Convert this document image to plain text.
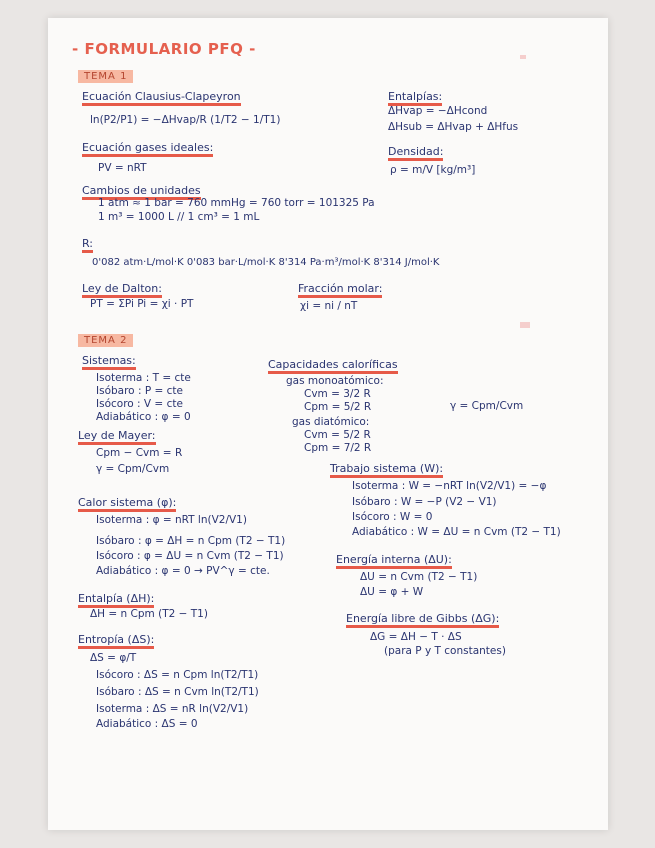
- FORMULARIO PFQ -
TEMA 1
Ecuación Clausius-Clapeyron
ln(P2/P1) = −ΔHvap/R (1/T2 − 1/T1)
Ecuación gases ideales:
PV = nRT
Cambios de unidades
1 atm ≈ 1 bar = 760 mmHg = 760 torr = 101325 Pa
1 m³ = 1000 L // 1 cm³ = 1 mL
R:
0'082 atm·L/mol·K 0'083 bar·L/mol·K 8'314 Pa·m³/mol·K 8'314 J/mol·K
Ley de Dalton:
PT = ΣPi Pi = χi · PT
Fracción molar:
χi = ni / nT
Entalpías:
ΔHvap = −ΔHcond
ΔHsub = ΔHvap + ΔHfus
Densidad:
ρ = m/V [kg/m³]
TEMA 2
Sistemas:
Isoterma : T = cte
Isóbaro : P = cte
Isócoro : V = cte
Adiabático : φ = 0
Capacidades caloríficas
gas monoatómico:
Cvm = 3/2 R
Cpm = 5/2 R
gas diatómico:
Cvm = 5/2 R
Cpm = 7/2 R
γ = Cpm/Cvm
Ley de Mayer:
Cpm − Cvm = R
γ = Cpm/Cvm	Trabajo sistema (W):
Isoterma : W = −nRT ln(V2/V1) = −φ
Isóbaro : W = −P (V2 − V1)
Isócoro : W = 0
Adiabático : W = ΔU = n Cvm (T2 − T1)
Calor sistema (φ):
Isoterma : φ = nRT ln(V2/V1)
Isóbaro : φ = ΔH = n Cpm (T2 − T1)
Isócoro : φ = ΔU = n Cvm (T2 − T1)
Adiabático : φ = 0 → PV^γ = cte.
Energía interna (ΔU):
ΔU = n Cvm (T2 − T1)
ΔU = φ + W
Entalpía (ΔH):
ΔH = n Cpm (T2 − T1)	Energía libre de Gibbs (ΔG):
ΔG = ΔH − T · ΔS
(para P y T constantes)
Entropía (ΔS):
ΔS = φ/T
Isócoro : ΔS = n Cpm ln(T2/T1)
Isóbaro : ΔS = n Cvm ln(T2/T1)
Isoterma : ΔS = nR ln(V2/V1)
Adiabático : ΔS = 0
